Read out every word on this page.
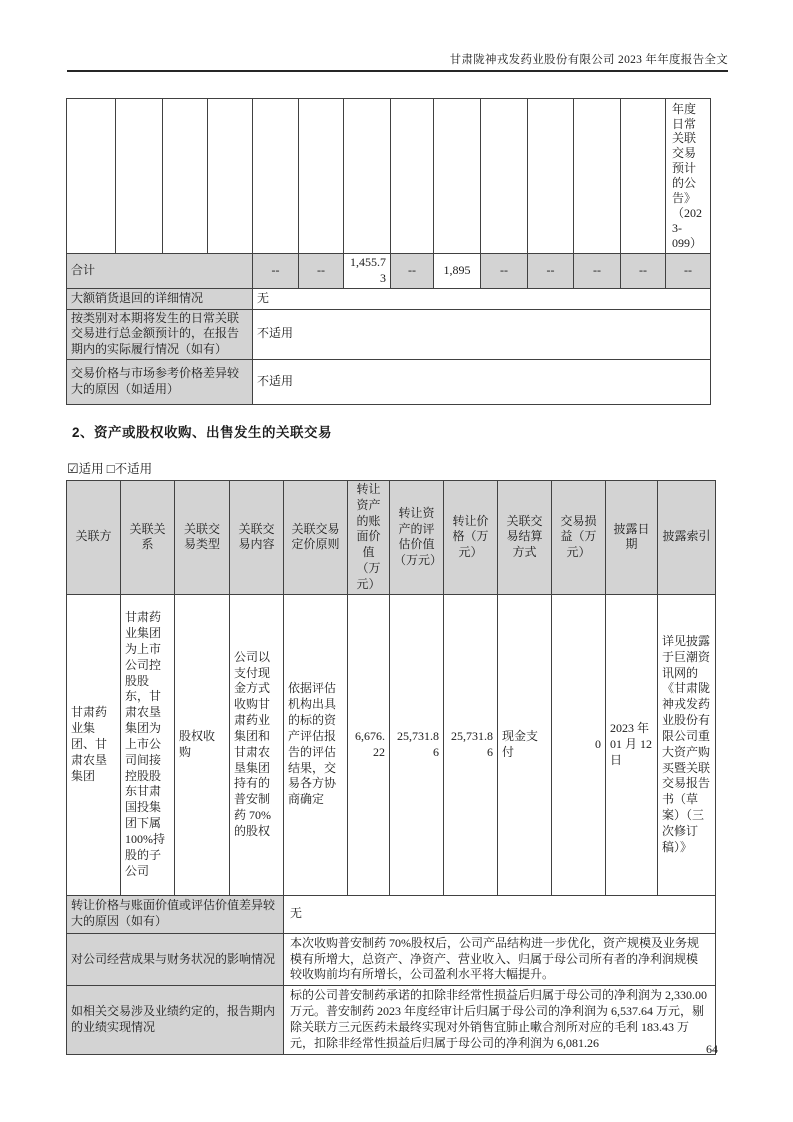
甘肃陇神戎发药业股份有限公司 2023 年年度报告全文
													年度日常关联交易预计的公告》（2023-099）
合计				--	--	1,455.73	--	1,895	--	--	--	--	--
大额销货退回的详细情况				无									
按类别对本期将发生的日常关联交易进行总金额预计的，在报告期内的实际履行情况（如有）				不适用									
交易价格与市场参考价格差异较大的原因（如适用）				不适用									
2、资产或股权收购、出售发生的关联交易
☑适用 □不适用
关联方	关联关系	关联交易类型	关联交易内容	关联交易定价原则	转让资产的账面价值（万元）	转让资产的评估价值（万元）	转让价格（万元）	关联交易结算方式	交易损益（万元）	披露日期	披露索引
甘肃药业集团、甘肃农垦集团	甘肃药业集团为上市公司控股股东，甘肃农垦集团为上市公司间接控股股东甘肃国投集团下属100%持股的子公司	股权收购	公司以支付现金方式收购甘肃药业集团和甘肃农垦集团持有的普安制药 70%的股权	依据评估机构出具的标的资产评估报告的评估结果，交易各方协商确定	6,676.22	25,731.86	25,731.86	现金支付	0	2023 年 01 月 12 日	详见披露于巨潮资讯网的《甘肃陇神戎发药业股份有限公司重大资产购买暨关联交易报告书（草案）（三次修订稿）》
转让价格与账面价值或评估价值差异较大的原因（如有）				无							
对公司经营成果与财务状况的影响情况				本次收购普安制药 70%股权后，公司产品结构进一步优化，资产规模及业务规模有所增大，总资产、净资产、营业收入、归属于母公司所有者的净利润规模较收购前均有所增长，公司盈利水平将大幅提升。							
如相关交易涉及业绩约定的，报告期内的业绩实现情况				标的公司普安制药承诺的扣除非经常性损益后归属于母公司的净利润为 2,330.00 万元。普安制药 2023 年度经审计后归属于母公司的净利润为 6,537.64 万元，剔除关联方三元医药未最终实现对外销售宜肺止嗽合剂所对应的毛利 183.43 万元，扣除非经常性损益后归属于母公司的净利润为 6,081.26								64
